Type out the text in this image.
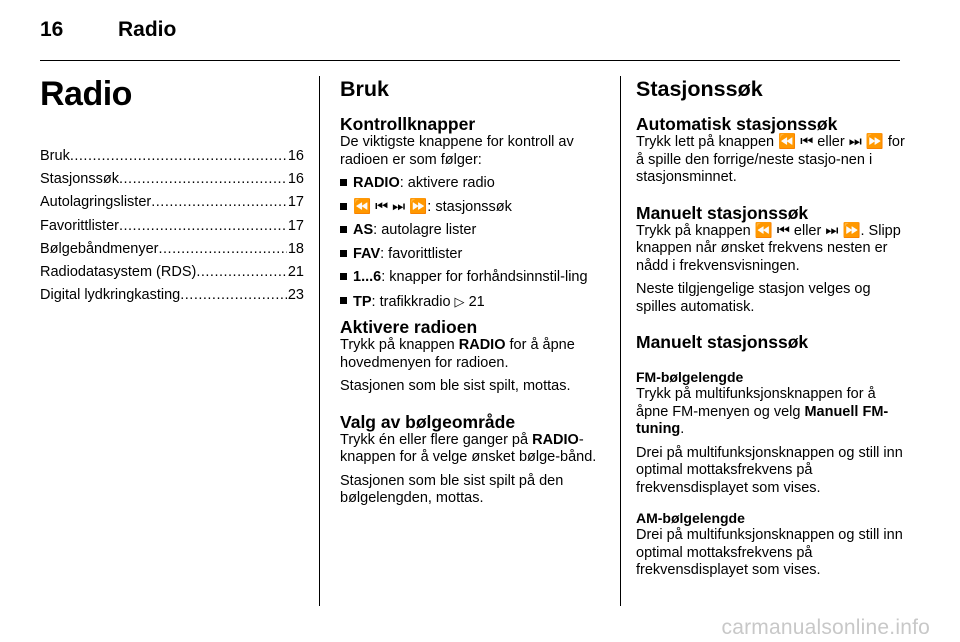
16	Radio
Radio
Bruk .....	16
Stasjonssøk .....	16
Autolagringslister .....	17
Favorittlister .....	17
Bølgebåndmenyer .....	18
Radiodatasystem (RDS) .....	21
Digital lydkringkasting .....	23
Bruk
Kontrollknapper

De viktigste knappene for kontroll av radioen er som følger:

RADIO: aktivere radio
⏪ ⏮ ⏭ ⏩: stasjonssøk
AS: autolagre lister
FAV: favorittlister
1...6: knapper for forhåndsinnstil-ling
TP: trafikkradio ▷ 21
Aktivere radioen

Trykk på knappen RADIO for å åpne hovedmenyen for radioen.

Stasjonen som ble sist spilt, mottas.

Valg av bølgeområde

Trykk én eller flere ganger på RADIO-knappen for å velge ønsket bølge-bånd.

Stasjonen som ble sist spilt på den bølgelengden, mottas.

Stasjonssøk
Automatisk stasjonssøk

Trykk lett på knappen ⏪ ⏮ eller ⏭ ⏩ for å spille den forrige/neste stasjo-nen i stasjonsminnet.

Manuelt stasjonssøk

Trykk på knappen ⏪ ⏮ eller ⏭ ⏩. Slipp knappen når ønsket frekvens nesten er nådd i frekvensvisningen.

Neste tilgjengelige stasjon velges og spilles automatisk.

Manuelt stasjonssøk
FM-bølgelengde

Trykk på multifunksjonsknappen for å åpne FM-menyen og velg Manuell FM-tuning.

Drei på multifunksjonsknappen og still inn optimal mottaksfrekvens på frekvensdisplayet som vises.

AM-bølgelengde

Drei på multifunksjonsknappen og still inn optimal mottaksfrekvens på frekvensdisplayet som vises.

carmanualsonline.info
